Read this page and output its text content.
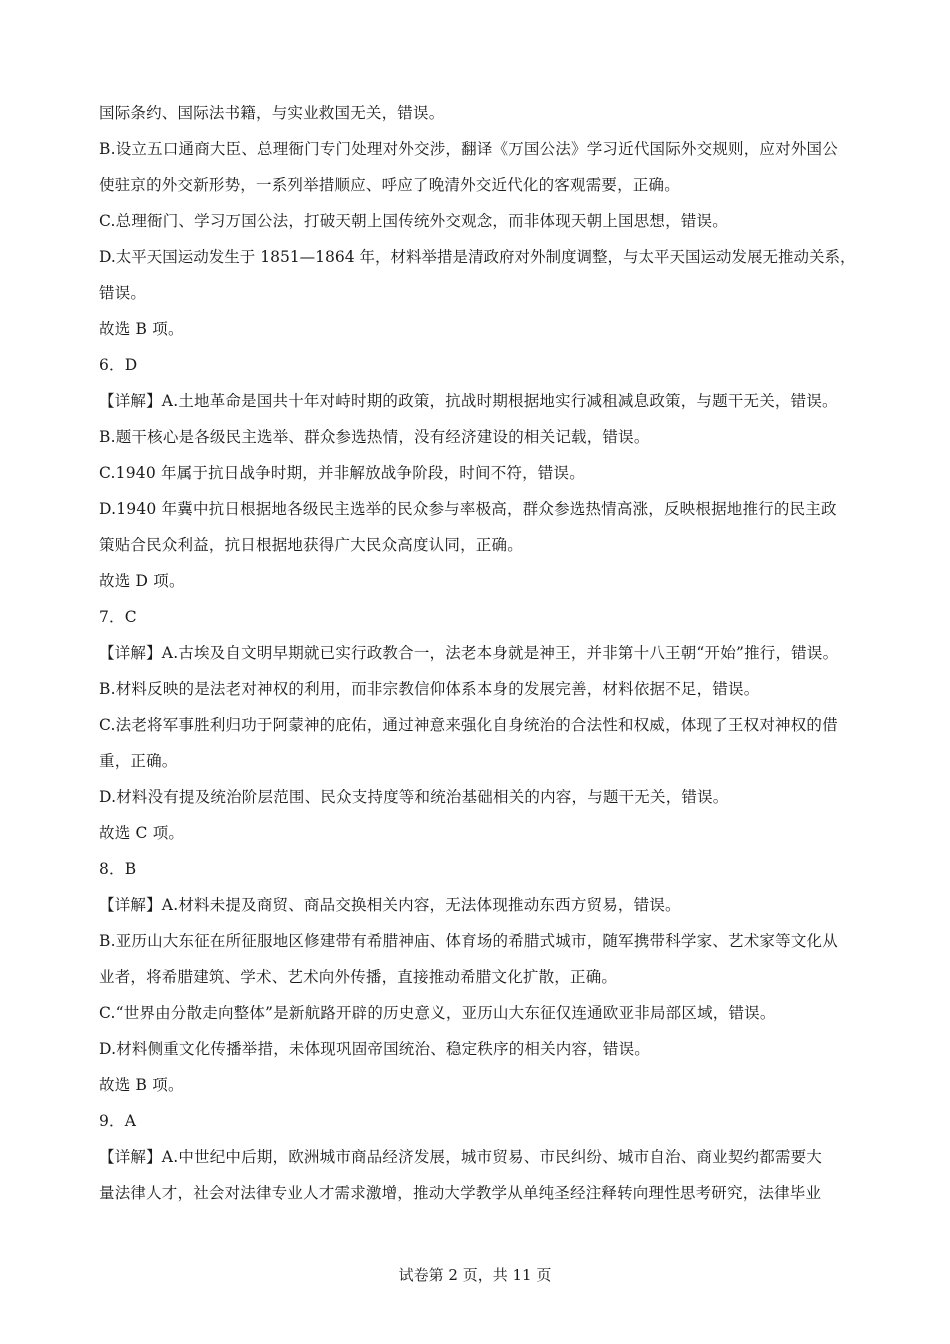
国际条约、国际法书籍，与实业救国无关，错误。
B.设立五口通商大臣、总理衙门专门处理对外交涉，翻译《万国公法》学习近代国际外交规则，应对外国公
使驻京的外交新形势，一系列举措顺应、呼应了晚清外交近代化的客观需要，正确。
C.总理衙门、学习万国公法，打破天朝上国传统外交观念，而非体现天朝上国思想，错误。
D.太平天国运动发生于 1851—1864 年，材料举措是清政府对外制度调整，与太平天国运动发展无推动关系，
错误。
故选 B 项。
6．D
【详解】A.土地革命是国共十年对峙时期的政策，抗战时期根据地实行减租减息政策，与题干无关，错误。
B.题干核心是各级民主选举、群众参选热情，没有经济建设的相关记载，错误。
C.1940 年属于抗日战争时期，并非解放战争阶段，时间不符，错误。
D.1940 年冀中抗日根据地各级民主选举的民众参与率极高，群众参选热情高涨，反映根据地推行的民主政
策贴合民众利益，抗日根据地获得广大民众高度认同，正确。
故选 D 项。
7．C
【详解】A.古埃及自文明早期就已实行政教合一，法老本身就是神王，并非第十八王朝“开始”推行，错误。
B.材料反映的是法老对神权的利用，而非宗教信仰体系本身的发展完善，材料依据不足，错误。
C.法老将军事胜利归功于阿蒙神的庇佑，通过神意来强化自身统治的合法性和权威，体现了王权对神权的借
重，正确。
D.材料没有提及统治阶层范围、民众支持度等和统治基础相关的内容，与题干无关，错误。
故选 C 项。
8．B
【详解】A.材料未提及商贸、商品交换相关内容，无法体现推动东西方贸易，错误。
B.亚历山大东征在所征服地区修建带有希腊神庙、体育场的希腊式城市，随军携带科学家、艺术家等文化从
业者，将希腊建筑、学术、艺术向外传播，直接推动希腊文化扩散，正确。
C.“世界由分散走向整体”是新航路开辟的历史意义，亚历山大东征仅连通欧亚非局部区域，错误。
D.材料侧重文化传播举措，未体现巩固帝国统治、稳定秩序的相关内容，错误。
故选 B 项。
9．A
【详解】A.中世纪中后期，欧洲城市商品经济发展，城市贸易、市民纠纷、城市自治、商业契约都需要大
量法律人才，社会对法律专业人才需求激增，推动大学教学从单纯圣经注释转向理性思考研究，法律毕业
试卷第 2 页，共 11 页
